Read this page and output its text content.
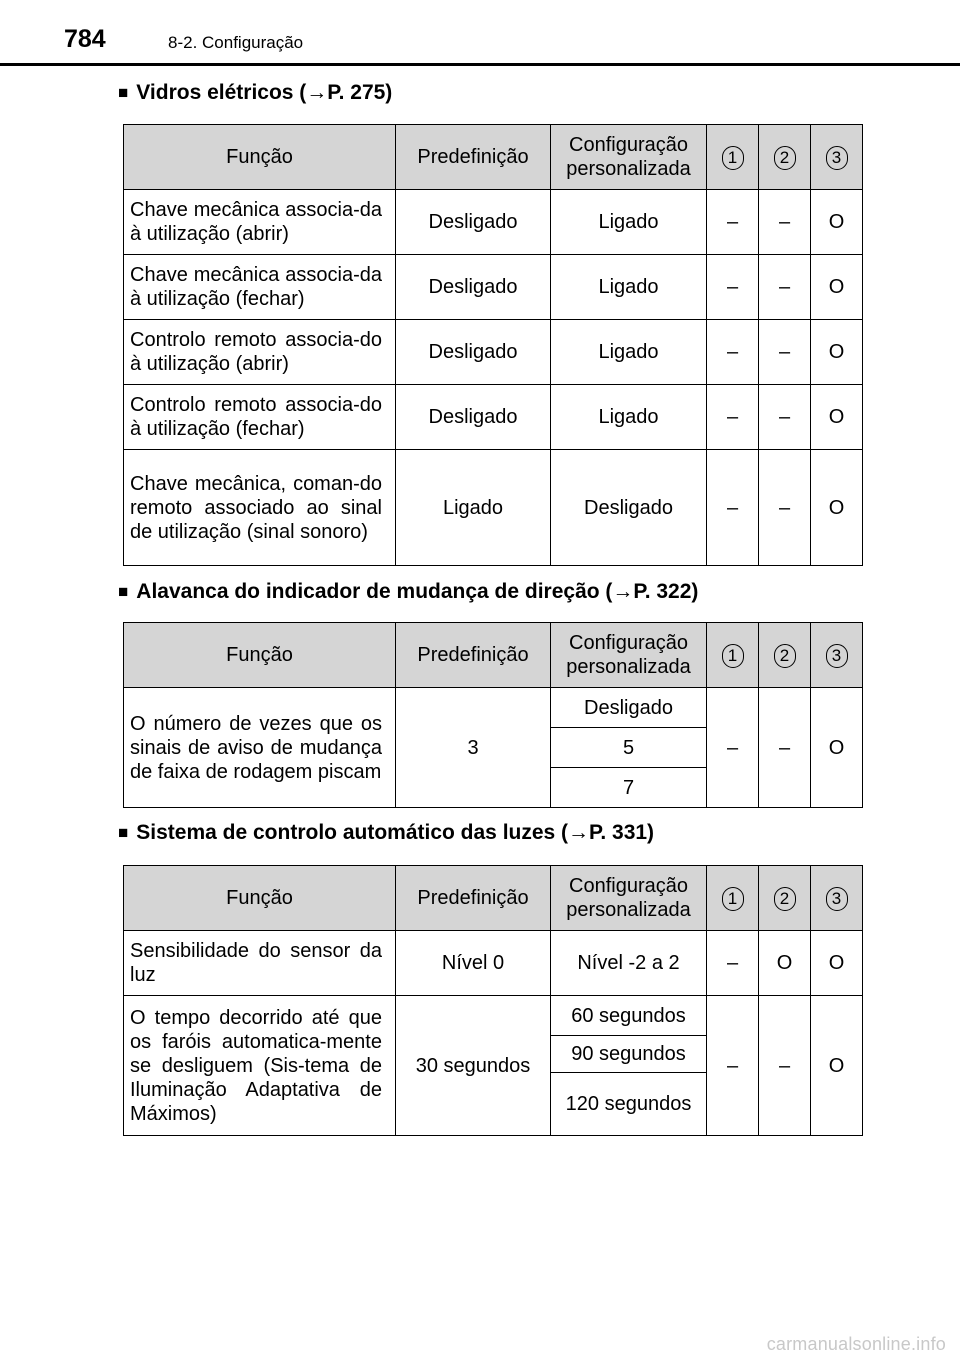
784	8-2. Configuração
■ Vidros elétricos (→P. 275)
Função	Predefinição	Configuração personalizada	1	2	3
Chave mecânica associa-da à utilização (abrir)	Desligado	Ligado	–	–	O
Chave mecânica associa-da à utilização (fechar)	Desligado	Ligado	–	–	O
Controlo remoto associa-do à utilização (abrir)	Desligado	Ligado	–	–	O
Controlo remoto associa-do à utilização (fechar)	Desligado	Ligado	–	–	O
Chave mecânica, coman-do remoto associado ao sinal de utilização (sinal sonoro)	Ligado	Desligado	–	–	O
■ Alavanca do indicador de mudança de direção (→P. 322)
Função	Predefinição	Configuração personalizada	1	2	3
O número de vezes que os sinais de aviso de mudança de faixa de rodagem piscam	3	Desligado	–	–	O
		5			
		7			
■ Sistema de controlo automático das luzes (→P. 331)
Função	Predefinição	Configuração personalizada	1	2	3
Sensibilidade do sensor da luz	Nível 0	Nível -2 a 2	–	O	O
O tempo decorrido até que os faróis automatica-mente se desliguem (Sis-tema de Iluminação Adaptativa de Máximos)	30 segundos	60 segundos	–	–	O
		90 segundos			
		120 segundos			
carmanualsonline.info
